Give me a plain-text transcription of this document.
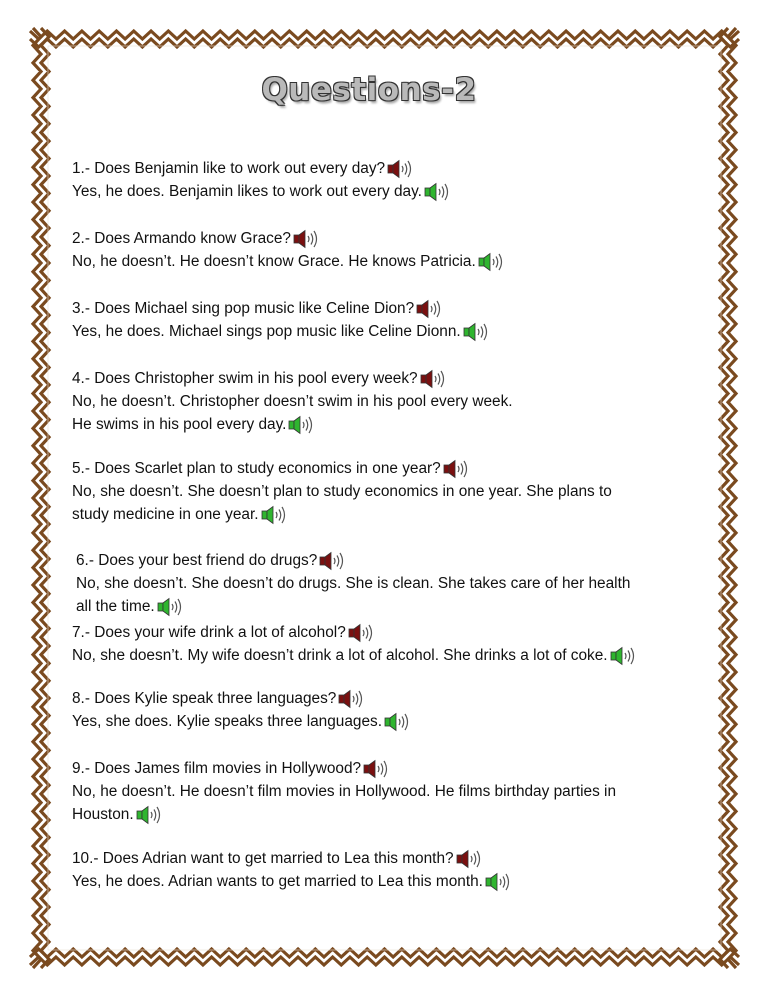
Questions-2
1.- Does Benjamin like to work out every day?
Yes, he does. Benjamin likes to work out every day.
2.- Does Armando know Grace?
No, he doesn’t. He doesn’t know Grace. He knows Patricia.
3.- Does Michael sing pop music like Celine Dion?
Yes, he does. Michael sings pop music like Celine Dionn.
4.- Does Christopher swim in his pool every week?
No, he doesn’t. Christopher doesn’t swim in his pool every week.
He swims in his pool every day.
5.- Does Scarlet plan to study economics in one year?
No, she doesn’t. She doesn’t plan to study economics in one year. She plans to
study medicine in one year.
6.- Does your best friend do drugs?
No, she doesn’t. She doesn’t do drugs. She is clean. She takes care of her health
all the time.
7.- Does your wife drink a lot of alcohol?
No, she doesn’t. My wife doesn’t drink a lot of alcohol. She drinks a lot of coke.
8.- Does Kylie speak three languages?
Yes, she does. Kylie speaks three languages.
9.- Does James film movies in Hollywood?
No, he doesn’t. He doesn’t film movies in Hollywood. He films birthday parties in
Houston.
10.- Does Adrian want to get married to Lea this month?
Yes, he does. Adrian wants to get married to Lea this month.
